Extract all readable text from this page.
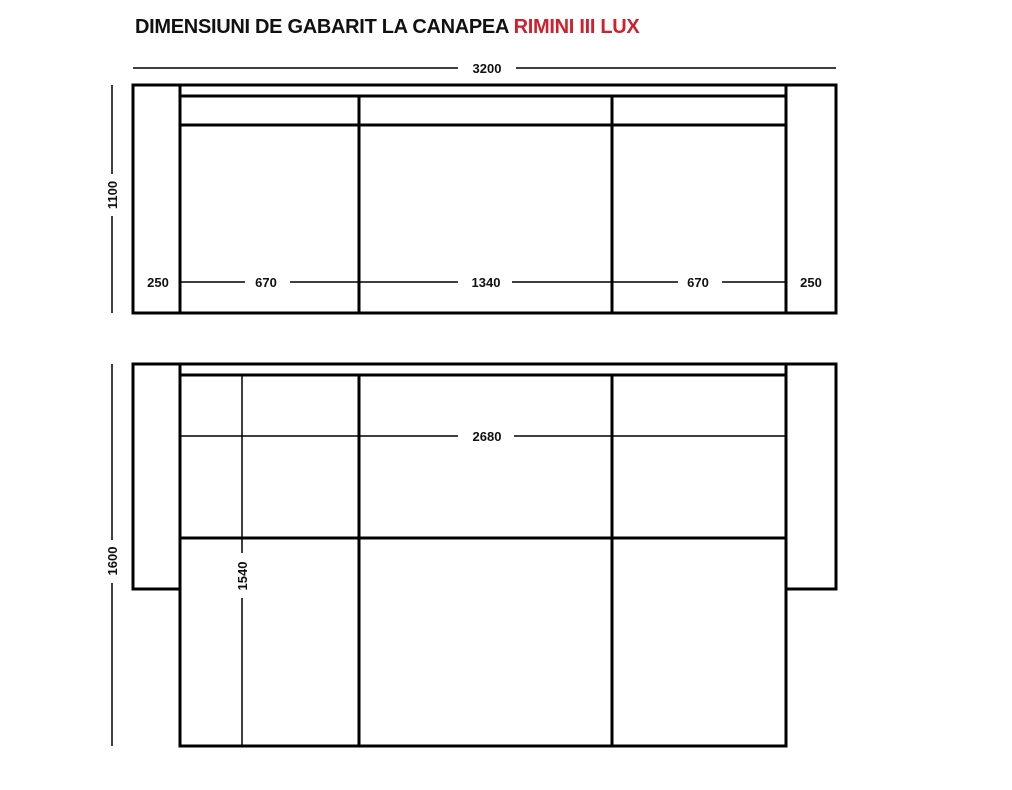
DIMENSIUNI DE GABARIT LA CANAPEA RIMINI III LUX
3200
1100
250	670	1340	670	250
1600
2680
1540
